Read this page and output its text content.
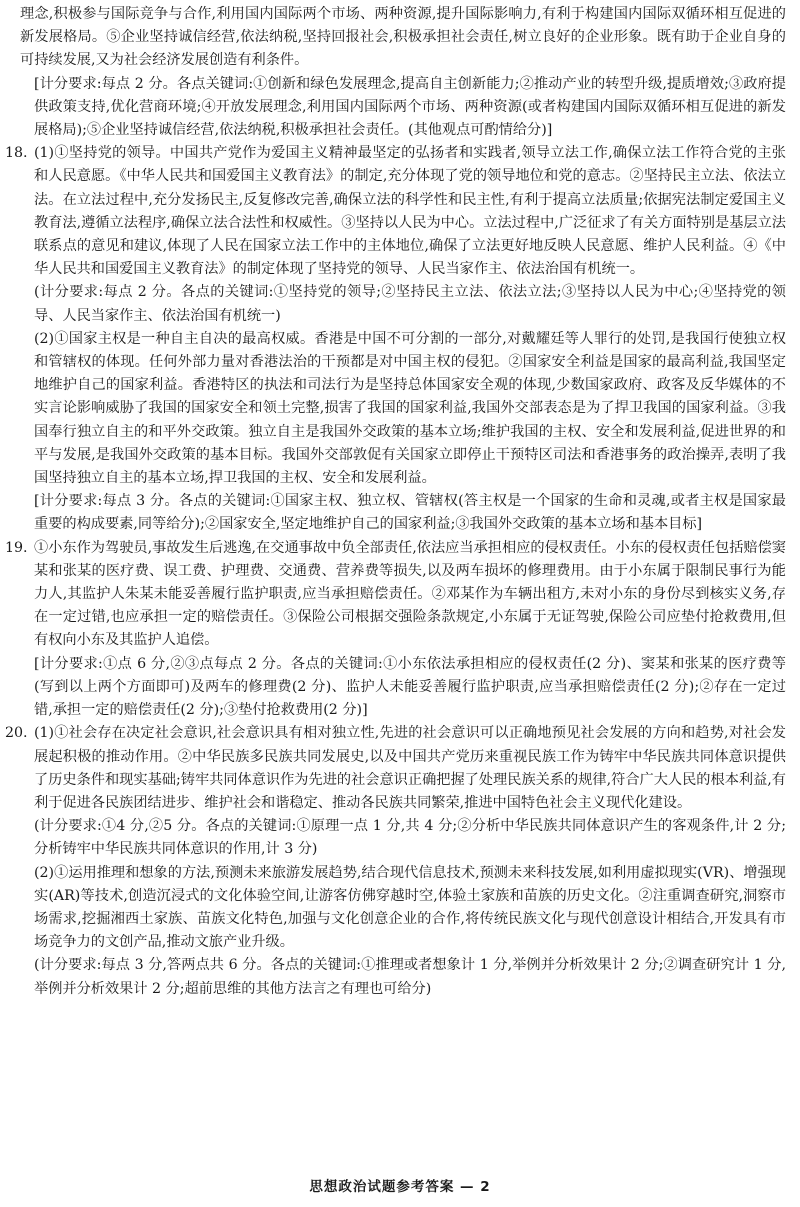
理念,积极参与国际竞争与合作,利用国内国际两个市场、两种资源,提升国际影响力,有利于构建国内国际双循环相互促进的新发展格局。⑤企业坚持诚信经营,依法纳税,坚持回报社会,积极承担社会责任,树立良好的企业形象。既有助于企业自身的可持续发展,又为社会经济发展创造有利条件。

[计分要求:每点 2 分。各点关键词:①创新和绿色发展理念,提高自主创新能力;②推动产业的转型升级,提质增效;③政府提供政策支持,优化营商环境;④开放发展理念,利用国内国际两个市场、两种资源(或者构建国内国际双循环相互促进的新发展格局);⑤企业坚持诚信经营,依法纳税,积极承担社会责任。(其他观点可酌情给分)]

18. (1)①坚持党的领导。中国共产党作为爱国主义精神最坚定的弘扬者和实践者,领导立法工作,确保立法工作符合党的主张和人民意愿。《中华人民共和国爱国主义教育法》的制定,充分体现了党的领导地位和党的意志。②坚持民主立法、依法立法。在立法过程中,充分发扬民主,反复修改完善,确保立法的科学性和民主性,有利于提高立法质量;依据宪法制定爱国主义教育法,遵循立法程序,确保立法合法性和权威性。③坚持以人民为中心。立法过程中,广泛征求了有关方面特别是基层立法联系点的意见和建议,体现了人民在国家立法工作中的主体地位,确保了立法更好地反映人民意愿、维护人民利益。④《中华人民共和国爱国主义教育法》的制定体现了坚持党的领导、人民当家作主、依法治国有机统一。

(计分要求:每点 2 分。各点的关键词:①坚持党的领导;②坚持民主立法、依法立法;③坚持以人民为中心;④坚持党的领导、人民当家作主、依法治国有机统一)

(2)①国家主权是一种自主自决的最高权威。香港是中国不可分割的一部分,对戴耀廷等人罪行的处罚,是我国行使独立权和管辖权的体现。任何外部力量对香港法治的干预都是对中国主权的侵犯。②国家安全利益是国家的最高利益,我国坚定地维护自己的国家利益。香港特区的执法和司法行为是坚持总体国家安全观的体现,少数国家政府、政客及反华媒体的不实言论影响威胁了我国的国家安全和领土完整,损害了我国的国家利益,我国外交部表态是为了捍卫我国的国家利益。③我国奉行独立自主的和平外交政策。独立自主是我国外交政策的基本立场;维护我国的主权、安全和发展利益,促进世界的和平与发展,是我国外交政策的基本目标。我国外交部敦促有关国家立即停止干预特区司法和香港事务的政治操弄,表明了我国坚持独立自主的基本立场,捍卫我国的主权、安全和发展利益。

[计分要求:每点 3 分。各点的关键词:①国家主权、独立权、管辖权(答主权是一个国家的生命和灵魂,或者主权是国家最重要的构成要素,同等给分);②国家安全,坚定地维护自己的国家利益;③我国外交政策的基本立场和基本目标]

19. ①小东作为驾驶员,事故发生后逃逸,在交通事故中负全部责任,依法应当承担相应的侵权责任。小东的侵权责任包括赔偿窦某和张某的医疗费、误工费、护理费、交通费、营养费等损失,以及两车损坏的修理费用。由于小东属于限制民事行为能力人,其监护人朱某未能妥善履行监护职责,应当承担赔偿责任。②邓某作为车辆出租方,未对小东的身份尽到核实义务,存在一定过错,也应承担一定的赔偿责任。③保险公司根据交强险条款规定,小东属于无证驾驶,保险公司应垫付抢救费用,但有权向小东及其监护人追偿。

[计分要求:①点 6 分,②③点每点 2 分。各点的关键词:①小东依法承担相应的侵权责任(2 分)、窦某和张某的医疗费等(写到以上两个方面即可)及两车的修理费(2 分)、监护人未能妥善履行监护职责,应当承担赔偿责任(2 分);②存在一定过错,承担一定的赔偿责任(2 分);③垫付抢救费用(2 分)]

20. (1)①社会存在决定社会意识,社会意识具有相对独立性,先进的社会意识可以正确地预见社会发展的方向和趋势,对社会发展起积极的推动作用。②中华民族多民族共同发展史,以及中国共产党历来重视民族工作为铸牢中华民族共同体意识提供了历史条件和现实基础;铸牢共同体意识作为先进的社会意识正确把握了处理民族关系的规律,符合广大人民的根本利益,有利于促进各民族团结进步、维护社会和谐稳定、推动各民族共同繁荣,推进中国特色社会主义现代化建设。

(计分要求:①4 分,②5 分。各点的关键词:①原理一点 1 分,共 4 分;②分析中华民族共同体意识产生的客观条件,计 2 分;分析铸牢中华民族共同体意识的作用,计 3 分)

(2)①运用推理和想象的方法,预测未来旅游发展趋势,结合现代信息技术,预测未来科技发展,如利用虚拟现实(VR)、增强现实(AR)等技术,创造沉浸式的文化体验空间,让游客仿佛穿越时空,体验土家族和苗族的历史文化。②注重调查研究,洞察市场需求,挖掘湘西土家族、苗族文化特色,加强与文化创意企业的合作,将传统民族文化与现代创意设计相结合,开发具有市场竞争力的文创产品,推动文旅产业升级。

(计分要求:每点 3 分,答两点共 6 分。各点的关键词:①推理或者想象计 1 分,举例并分析效果计 2 分;②调查研究计 1 分,举例并分析效果计 2 分;超前思维的其他方法言之有理也可给分)

思想政治试题参考答案 — 2
